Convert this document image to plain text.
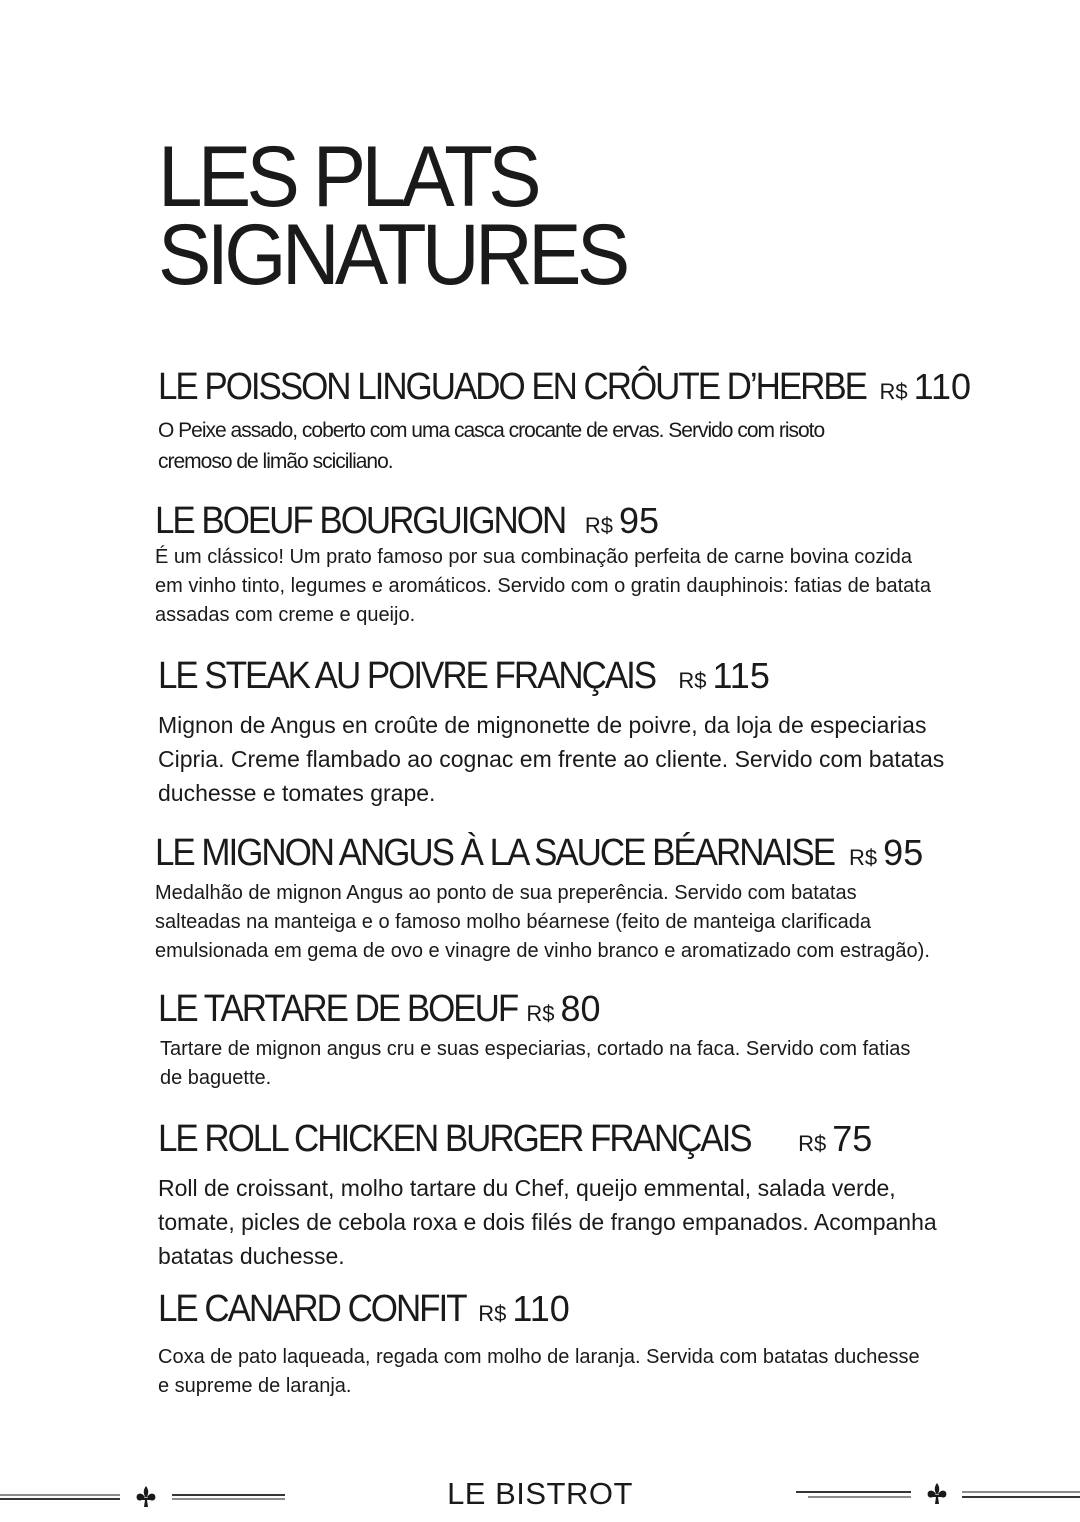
LES PLATS
SIGNATURES
LE POISSON LINGUADO EN CRÔUTE D’HERBE R$ 110

O Peixe assado, coberto com uma casca crocante de ervas. Servido com risoto
cremoso de limão sciciliano.

LE BOEUF BOURGUIGNON R$ 95

É um clássico! Um prato famoso por sua combinação perfeita de carne bovina cozida
em vinho tinto, legumes e aromáticos. Servido com o gratin dauphinois: fatias de batata
assadas com creme e queijo.

LE STEAK AU POIVRE FRANÇAIS R$ 115

Mignon de Angus en croûte de mignonette de poivre, da loja de especiarias
Cipria. Creme flambado ao cognac em frente ao cliente. Servido com batatas
duchesse e tomates grape.

LE MIGNON ANGUS À LA SAUCE BÉARNAISE R$ 95

Medalhão de mignon Angus ao ponto de sua preperência. Servido com batatas
salteadas na manteiga e o famoso molho béarnese (feito de manteiga clarificada
emulsionada em gema de ovo e vinagre de vinho branco e aromatizado com estragão).

LE TARTARE DE BOEUF R$ 80

Tartare de mignon angus cru e suas especiarias, cortado na faca. Servido com fatias
de baguette.

LE ROLL CHICKEN BURGER FRANÇAIS R$ 75

Roll de croissant, molho tartare du Chef, queijo emmental, salada verde,
tomate, picles de cebola roxa e dois filés de frango empanados. Acompanha
batatas duchesse.

LE CANARD CONFIT R$ 110

Coxa de pato laqueada, regada com molho de laranja. Servida com batatas duchesse
e supreme de laranja.

LE BISTROT
